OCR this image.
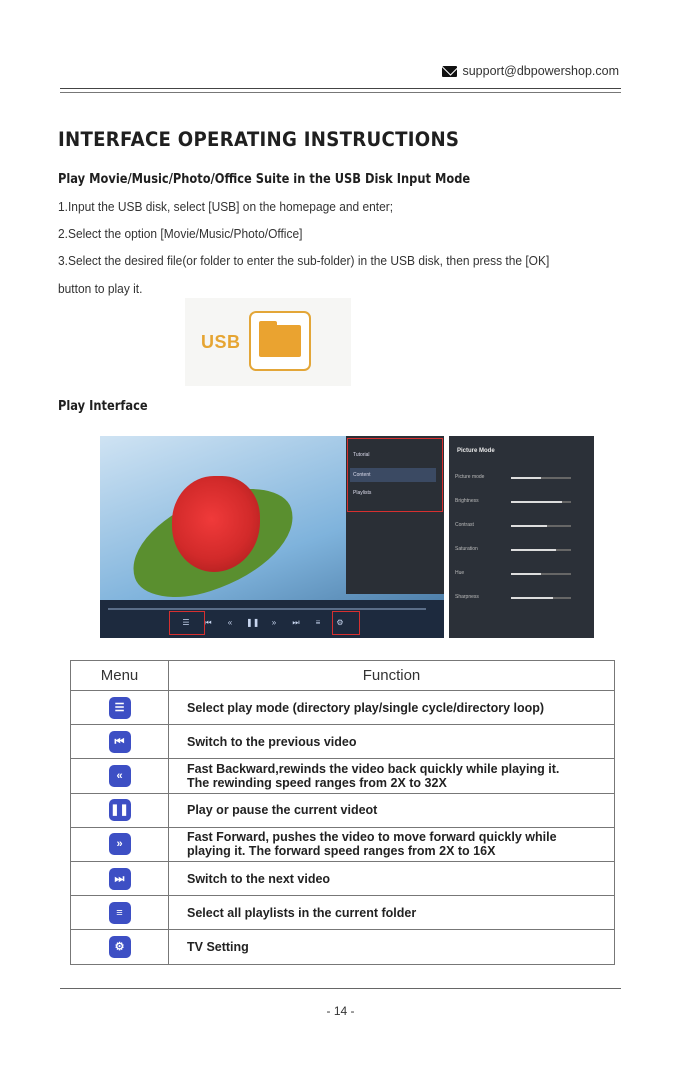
support@dbpowershop.com
INTERFACE OPERATING INSTRUCTIONS
Play Movie/Music/Photo/Office Suite in the USB Disk Input Mode
1.Input the USB disk, select [USB] on the homepage and enter;
2.Select the option [Movie/Music/Photo/Office]
3.Select the desired file(or folder to enter the sub-folder) in the USB disk, then press the [OK]
button to play it.
USB
Play Interface
Tutorial
Content
Playlists
☰	⏮	«	❚❚	»	⏭	≡	⚙
Picture Mode
Picture mode
Brightness
Contrast
Saturation
Hue
Sharpness
Menu	Function
☰	Select play mode (directory play/single cycle/directory loop)
⏮	Switch to the previous video
«	Fast Backward,rewinds the video back quickly while playing it.
The rewinding speed ranges from 2X to 32X
❚❚	Play or pause the current videot
»	Fast Forward, pushes the video to move forward quickly while
playing it. The forward speed ranges from 2X to 16X
⏭	Switch to the next video
≡	Select all playlists in the current folder
⚙	TV Setting
- 14 -
